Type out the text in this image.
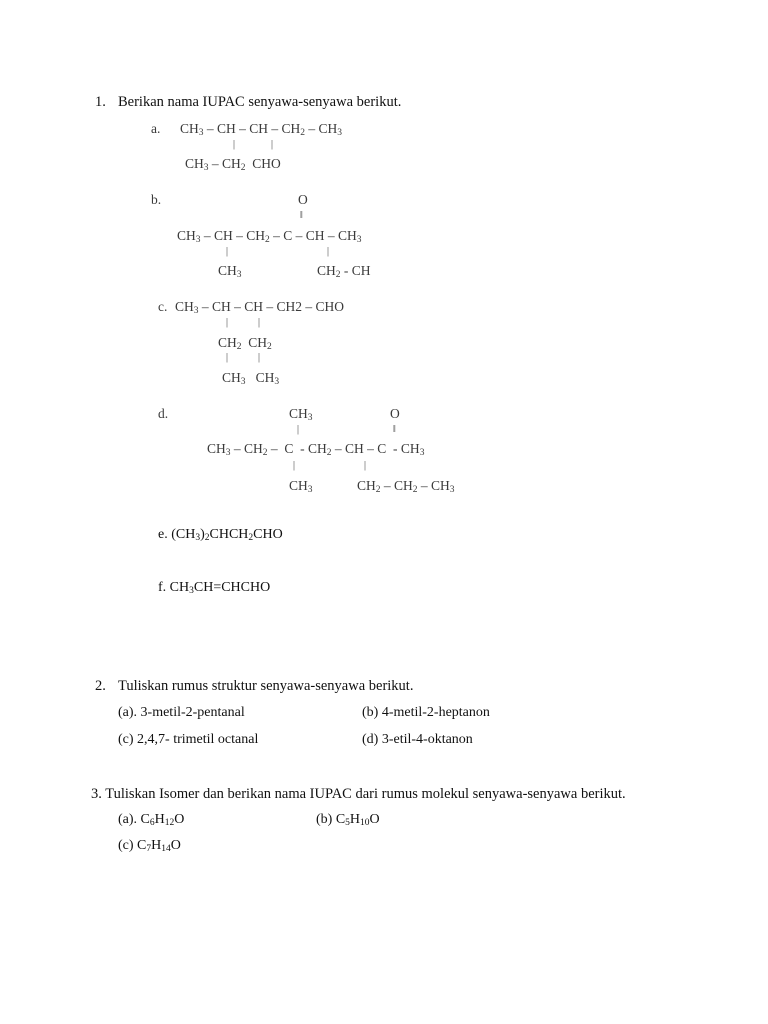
1. Berikan nama IUPAC senyawa-senyawa berikut.
a. $CH_3$ – CH – CH – $CH_2 - CH_3$
|	|
$CH_3 - CH_2$  CHO
b.	O
‖
$CH_3$ – CH – $CH_2$ – C – CH – $CH_3$
|	|
$CH_3$	$CH_2$ - CH
c. $CH_3$ – CH – CH – CH2 – CHO
|	|
$CH_2$  $CH_2$
|	|
$CH_3$   $CH_3$
d.	$CH_3$	O
|	‖
$CH_3 - CH_2$ –  C  - $CH_2$ – CH – C  - $CH_3$
|	|
$CH_3$	$CH_2 - CH_2 - CH_3$
e. $(CH_3)_2CHCH_2CHO$
f. $CH_3CH=CHCHO$
2. Tuliskan rumus struktur senyawa-senyawa berikut.
(a). 3-metil-2-pentanal	(b) 4-metil-2-heptanon
(c) 2,4,7- trimetil octanal	(d) 3-etil-4-oktanon
3. Tuliskan Isomer dan berikan nama IUPAC dari rumus molekul senyawa-senyawa berikut.
(a). $C_6H_{12}O$	(b) $C_5H_{10}O$
(c) $C_7H_{14}O$
